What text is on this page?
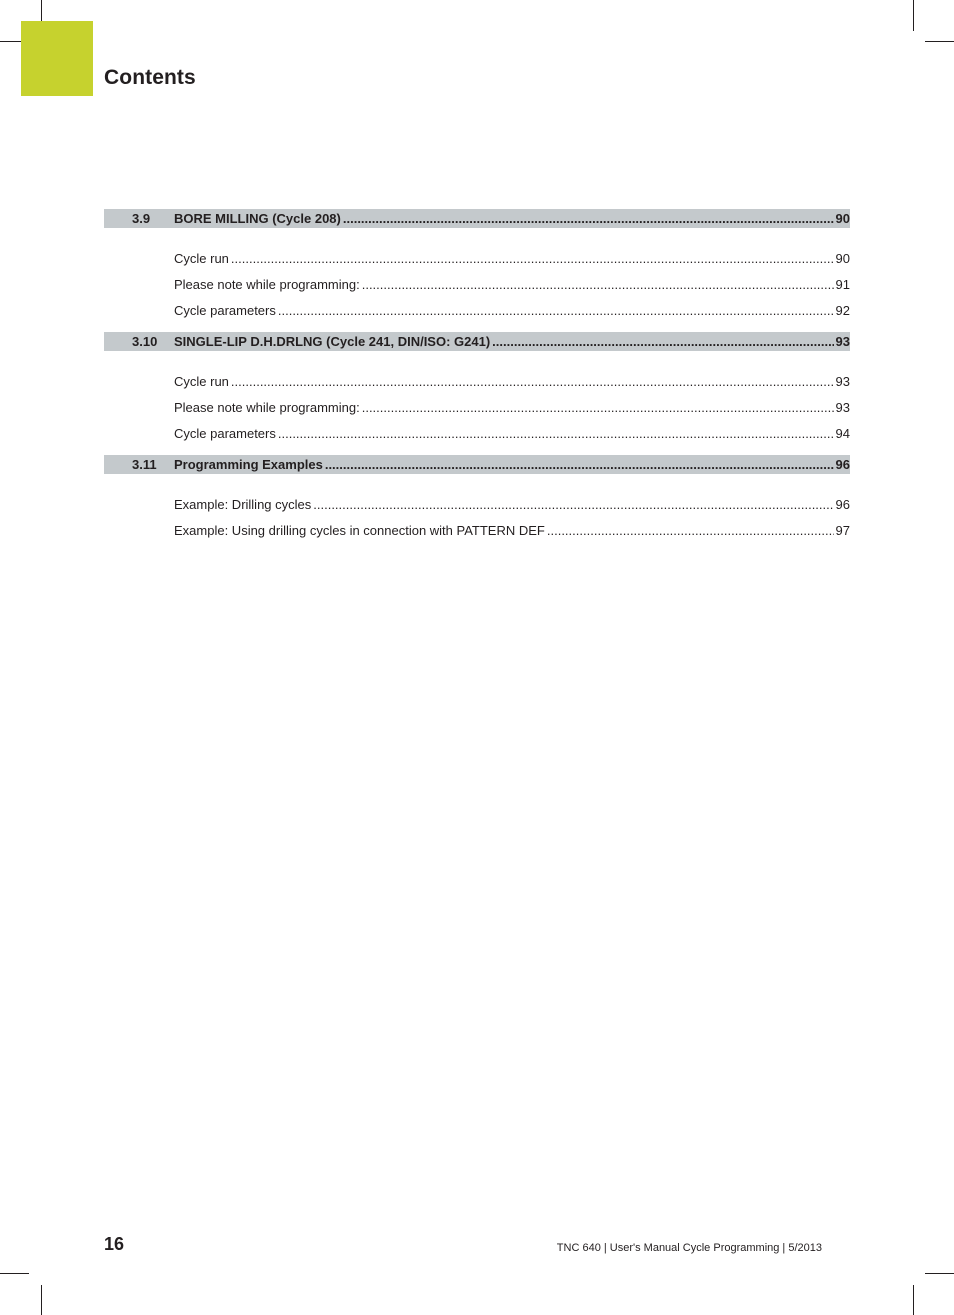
Contents
3.9	BORE MILLING (Cycle 208) .....	90
Cycle run .....	90
Please note while programming: .....	91
Cycle parameters .....	92
3.10	SINGLE-LIP D.H.DRLNG (Cycle 241, DIN/ISO: G241) .....	93
Cycle run .....	93
Please note while programming: .....	93
Cycle parameters .....	94
3.11	Programming Examples .....	96
Example: Drilling cycles .....	96
Example: Using drilling cycles in connection with PATTERN DEF .....	97
16	TNC 640 | User's Manual Cycle Programming | 5/2013
